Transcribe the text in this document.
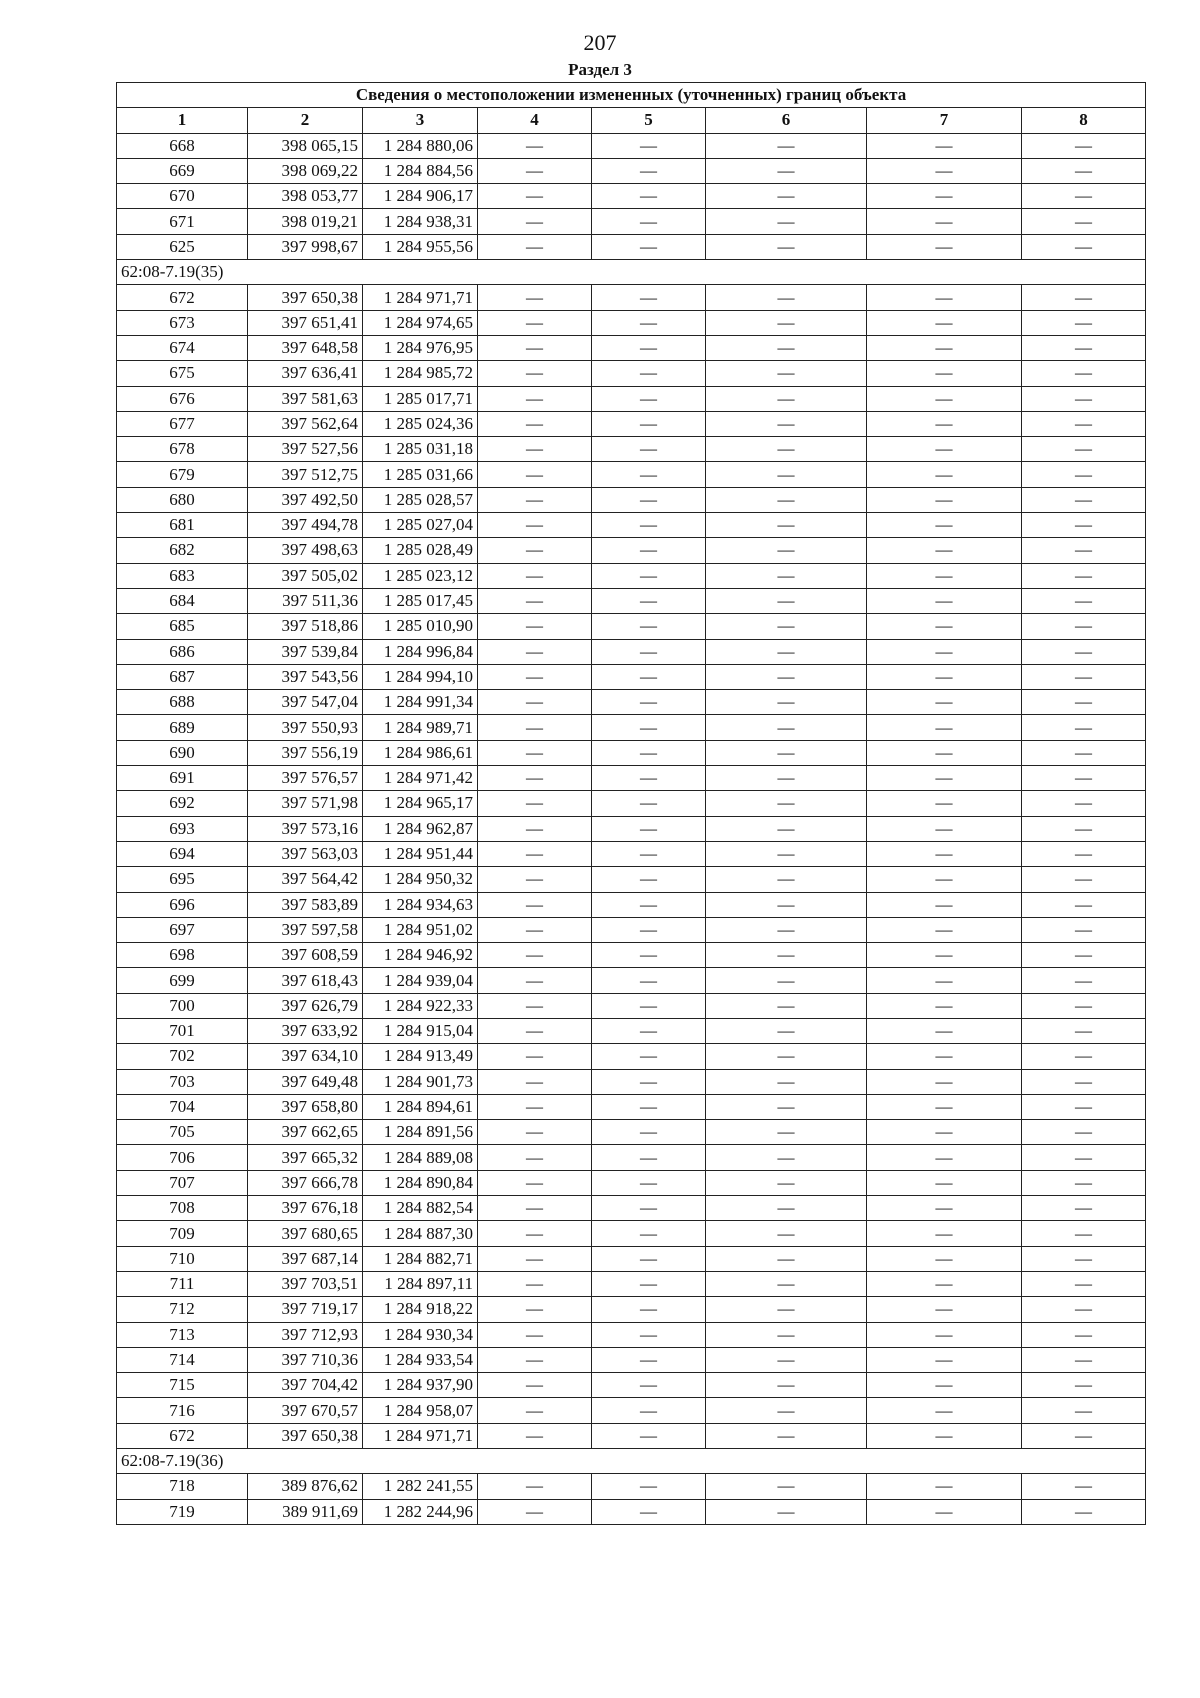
207
Раздел 3
Сведения о местоположении измененных (уточненных) границ объекта							
1	2	3	4	5	6	7	8
668	398 065,15	1 284 880,06	—	—	—	—	—
669	398 069,22	1 284 884,56	—	—	—	—	—
670	398 053,77	1 284 906,17	—	—	—	—	—
671	398 019,21	1 284 938,31	—	—	—	—	—
625	397 998,67	1 284 955,56	—	—	—	—	—
62:08-7.19(35)							
672	397 650,38	1 284 971,71	—	—	—	—	—
673	397 651,41	1 284 974,65	—	—	—	—	—
674	397 648,58	1 284 976,95	—	—	—	—	—
675	397 636,41	1 284 985,72	—	—	—	—	—
676	397 581,63	1 285 017,71	—	—	—	—	—
677	397 562,64	1 285 024,36	—	—	—	—	—
678	397 527,56	1 285 031,18	—	—	—	—	—
679	397 512,75	1 285 031,66	—	—	—	—	—
680	397 492,50	1 285 028,57	—	—	—	—	—
681	397 494,78	1 285 027,04	—	—	—	—	—
682	397 498,63	1 285 028,49	—	—	—	—	—
683	397 505,02	1 285 023,12	—	—	—	—	—
684	397 511,36	1 285 017,45	—	—	—	—	—
685	397 518,86	1 285 010,90	—	—	—	—	—
686	397 539,84	1 284 996,84	—	—	—	—	—
687	397 543,56	1 284 994,10	—	—	—	—	—
688	397 547,04	1 284 991,34	—	—	—	—	—
689	397 550,93	1 284 989,71	—	—	—	—	—
690	397 556,19	1 284 986,61	—	—	—	—	—
691	397 576,57	1 284 971,42	—	—	—	—	—
692	397 571,98	1 284 965,17	—	—	—	—	—
693	397 573,16	1 284 962,87	—	—	—	—	—
694	397 563,03	1 284 951,44	—	—	—	—	—
695	397 564,42	1 284 950,32	—	—	—	—	—
696	397 583,89	1 284 934,63	—	—	—	—	—
697	397 597,58	1 284 951,02	—	—	—	—	—
698	397 608,59	1 284 946,92	—	—	—	—	—
699	397 618,43	1 284 939,04	—	—	—	—	—
700	397 626,79	1 284 922,33	—	—	—	—	—
701	397 633,92	1 284 915,04	—	—	—	—	—
702	397 634,10	1 284 913,49	—	—	—	—	—
703	397 649,48	1 284 901,73	—	—	—	—	—
704	397 658,80	1 284 894,61	—	—	—	—	—
705	397 662,65	1 284 891,56	—	—	—	—	—
706	397 665,32	1 284 889,08	—	—	—	—	—
707	397 666,78	1 284 890,84	—	—	—	—	—
708	397 676,18	1 284 882,54	—	—	—	—	—
709	397 680,65	1 284 887,30	—	—	—	—	—
710	397 687,14	1 284 882,71	—	—	—	—	—
711	397 703,51	1 284 897,11	—	—	—	—	—
712	397 719,17	1 284 918,22	—	—	—	—	—
713	397 712,93	1 284 930,34	—	—	—	—	—
714	397 710,36	1 284 933,54	—	—	—	—	—
715	397 704,42	1 284 937,90	—	—	—	—	—
716	397 670,57	1 284 958,07	—	—	—	—	—
672	397 650,38	1 284 971,71	—	—	—	—	—
62:08-7.19(36)							
718	389 876,62	1 282 241,55	—	—	—	—	—
719	389 911,69	1 282 244,96	—	—	—	—	—
